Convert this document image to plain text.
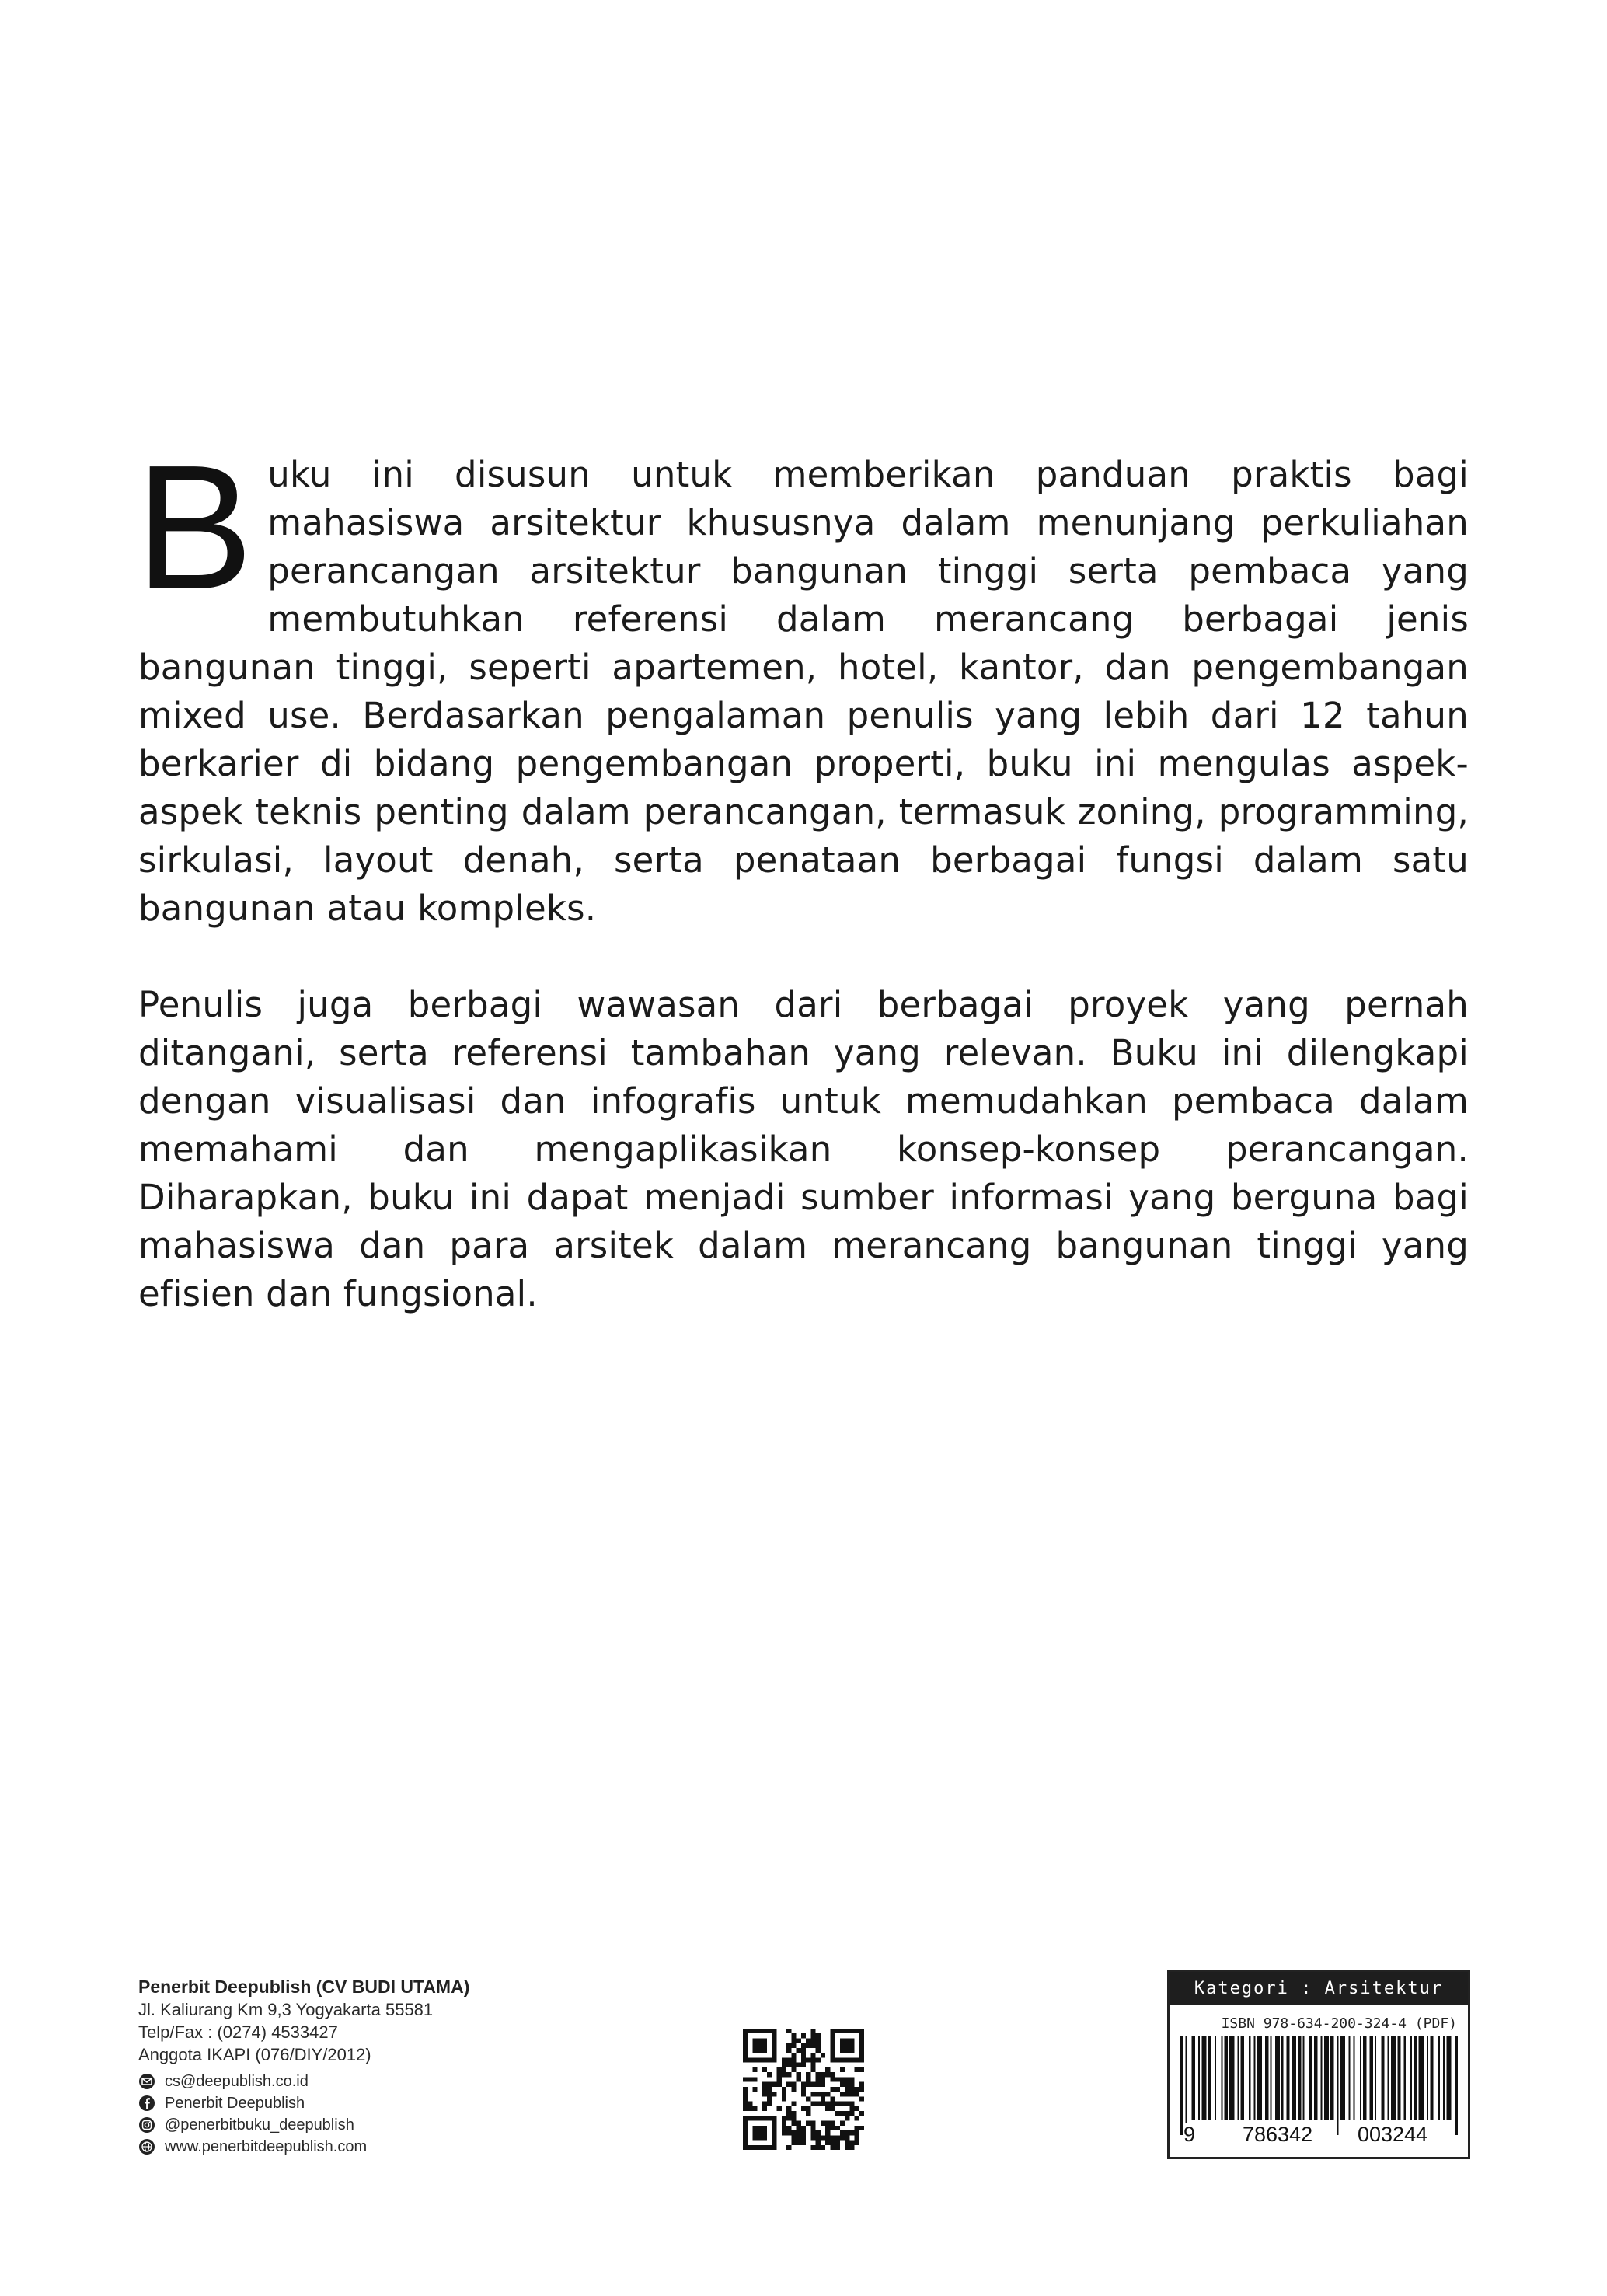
Buku ini disusun untuk memberikan panduan praktis bagi mahasiswa arsitektur khususnya dalam menunjang perkuliahan perancangan arsitektur bangunan tinggi serta pembaca yang membutuhkan referensi dalam merancang berbagai jenis bangunan tinggi, seperti apartemen, hotel, kantor, dan pengembangan mixed use. Berdasarkan pengalaman penulis yang lebih dari 12 tahun berkarier di bidang pengembangan properti, buku ini mengulas aspek-aspek teknis penting dalam perancangan, termasuk zoning, programming, sirkulasi, layout denah, serta penataan berbagai fungsi dalam satu bangunan atau kompleks.

Penulis juga berbagi wawasan dari berbagai proyek yang pernah ditangani, serta referensi tambahan yang relevan. Buku ini dilengkapi dengan visualisasi dan infografis untuk memudahkan pembaca dalam memahami dan mengaplikasikan konsep-konsep perancangan. Diharapkan, buku ini dapat menjadi sumber informasi yang berguna bagi mahasiswa dan para arsitek dalam merancang bangunan tinggi yang efisien dan fungsional.

Penerbit Deepublish (CV BUDI UTAMA)
Jl. Kaliurang Km 9,3 Yogyakarta 55581
Telp/Fax : (0274) 4533427
Anggota IKAPI (076/DIY/2012)
cs@deepublish.co.id
Penerbit Deepublish
@penerbitbuku_deepublish
www.penerbitdeepublish.com
Kategori : Arsitektur
ISBN 978-634-200-324-4 (PDF)
9 786342 003244
